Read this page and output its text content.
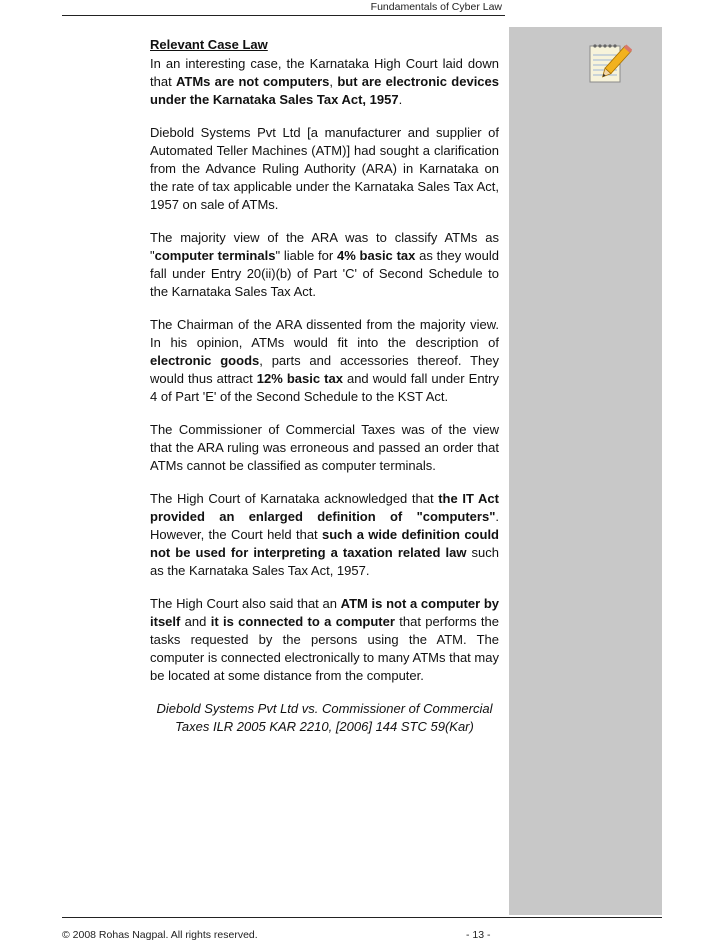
Fundamentals of Cyber Law

Relevant Case Law

In an interesting case, the Karnataka High Court laid down that ATMs are not computers, but are electronic devices under the Karnataka Sales Tax Act, 1957.

Diebold Systems Pvt Ltd [a manufacturer and supplier of Automated Teller Machines (ATM)] had sought a clarification from the Advance Ruling Authority (ARA) in Karnataka on the rate of tax applicable under the Karnataka Sales Tax Act, 1957 on sale of ATMs.

The majority view of the ARA was to classify ATMs as "computer terminals" liable for 4% basic tax as they would fall under Entry 20(ii)(b) of Part 'C' of Second Schedule to the Karnataka Sales Tax Act.

The Chairman of the ARA dissented from the majority view. In his opinion, ATMs would fit into the description of electronic goods, parts and accessories thereof. They would thus attract 12% basic tax and would fall under Entry 4 of Part 'E' of the Second Schedule to the KST Act.

The Commissioner of Commercial Taxes was of the view that the ARA ruling was erroneous and passed an order that ATMs cannot be classified as computer terminals.

The High Court of Karnataka acknowledged that the IT Act provided an enlarged definition of "computers". However, the Court held that such a wide definition could not be used for interpreting a taxation related law such as the Karnataka Sales Tax Act, 1957.

The High Court also said that an ATM is not a computer by itself and it is connected to a computer that performs the tasks requested by the persons using the ATM. The computer is connected electronically to many ATMs that may be located at some distance from the computer.

Diebold Systems Pvt Ltd vs. Commissioner of Commercial Taxes ILR 2005 KAR 2210, [2006] 144 STC 59(Kar)

© 2008 Rohas Nagpal. All rights reserved.	- 13 -
